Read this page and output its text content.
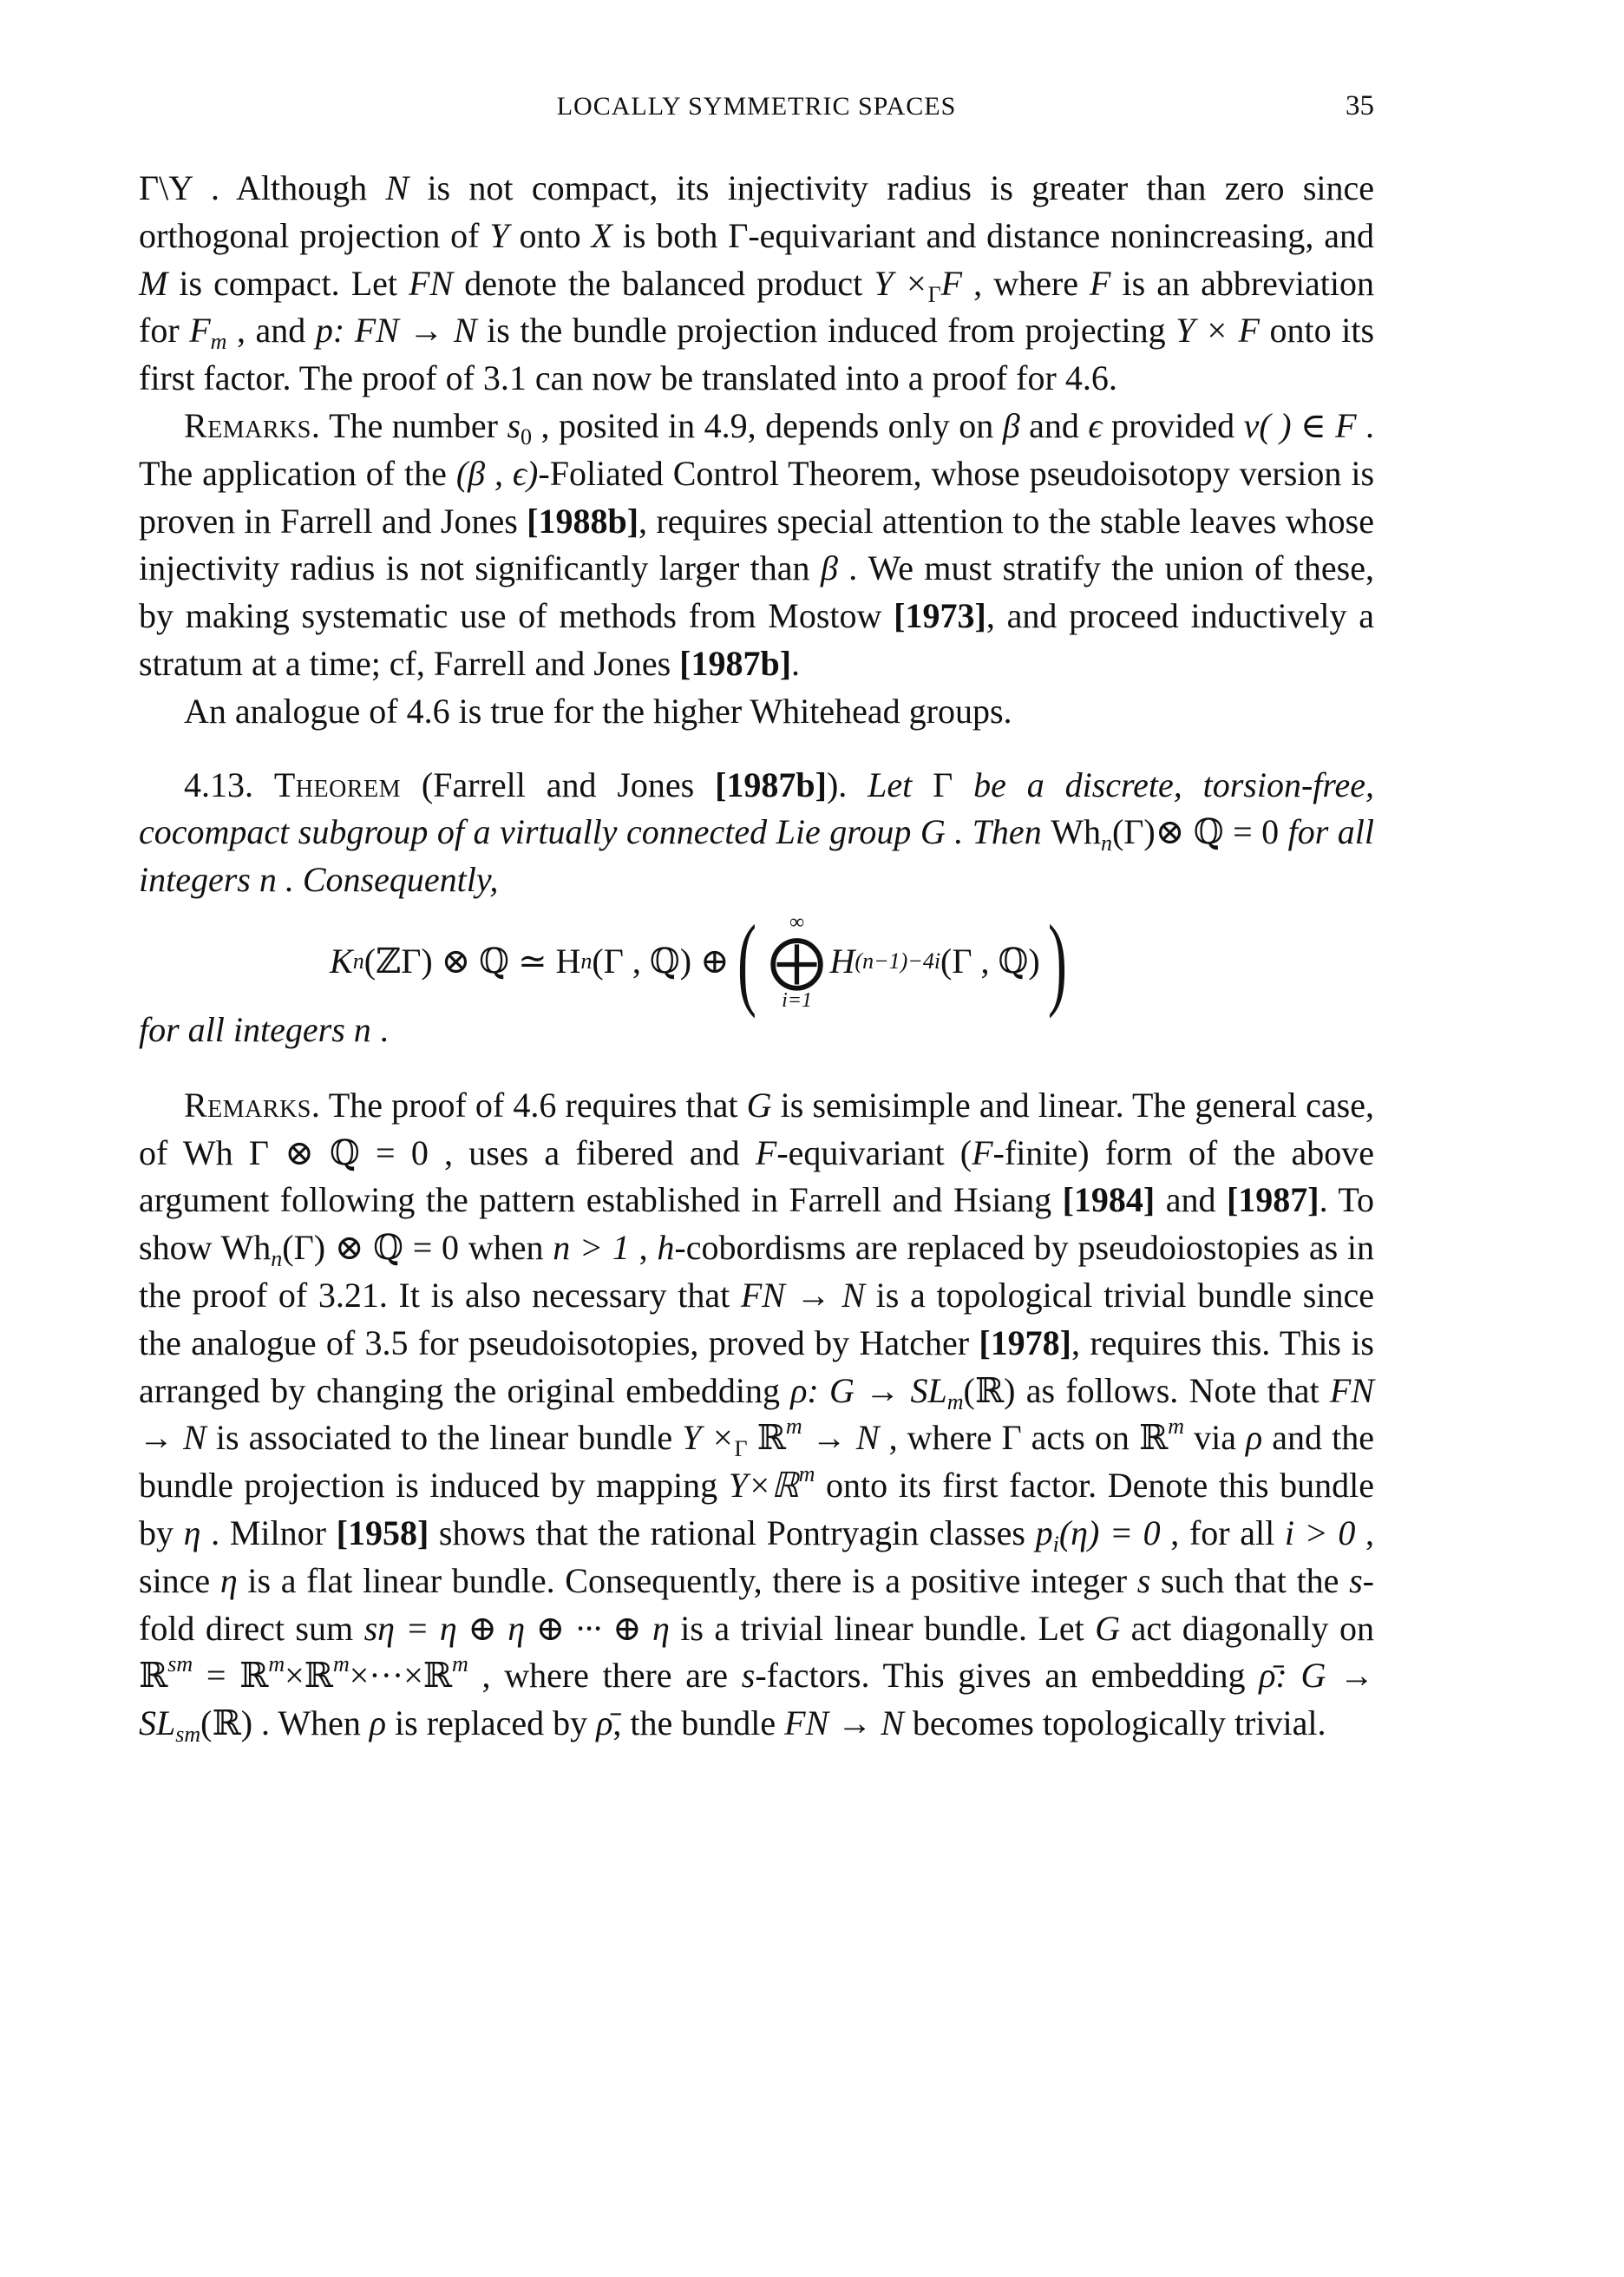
LOCALLY SYMMETRIC SPACES	35

Γ\Y . Although N is not compact, its injectivity radius is greater than zero since orthogonal projection of Y onto X is both Γ-equivariant and distance nonincreasing, and M is compact. Let FN denote the balanced product $Y \times_\Gamma F$ , where F is an abbreviation for $F_m$ , and p: FN → N is the bundle projection induced from projecting Y × F onto its first factor. The proof of 3.1 can now be translated into a proof for 4.6.

Remarks. The number $s_0$ , posited in 4.9, depends only on β and ϵ provided v( ) ∈ F . The application of the (β , ϵ)-Foliated Control Theorem, whose pseudoisotopy version is proven in Farrell and Jones [1988b], requires special attention to the stable leaves whose injectivity radius is not significantly larger than β . We must stratify the union of these, by making systematic use of methods from Mostow [1973], and proceed inductively a stratum at a time; cf, Farrell and Jones [1987b].

An analogue of 4.6 is true for the higher Whitehead groups.

4.13. Theorem (Farrell and Jones [1987b]). Let Γ be a discrete, torsion-free, cocompact subgroup of a virtually connected Lie group G . Then $Wh_n(\Gamma)\otimes$ ℚ = 0 for all integers n . Consequently,

K n (ℤΓ) ⊗ ℚ ≃ H n (Γ , ℚ) ⊕ ( ∞
⨁
i=1
H (n−1)−4i (Γ , ℚ) )

for all integers n .

Remarks. The proof of 4.6 requires that G is semisimple and linear. The general case, of Wh Γ ⊗ ℚ = 0 , uses a fibered and F-equivariant (F-finite) form of the above argument following the pattern established in Farrell and Hsiang [1984] and [1987]. To show $Wh_n(\Gamma)$ ⊗ ℚ = 0 when n > 1 , h-cobordisms are replaced by pseudoiostopies as in the proof of 3.21. It is also necessary that FN → N is a topological trivial bundle since the analogue of 3.5 for pseudoisotopies, proved by Hatcher [1978], requires this. This is arranged by changing the original embedding ρ: $G \to SL_m(ℝ)$ as follows. Note that FN → N is associated to the linear bundle $Y \times_\Gamma$ ℝ$^m$ → N , where Γ acts on ℝ$^m$ via ρ and the bundle projection is induced by mapping Y×ℝ$^m$ onto its first factor. Denote this bundle by η . Milnor [1958] shows that the rational Pontryagin classes $p_i(\eta) = 0$ , for all i > 0 , since η is a flat linear bundle. Consequently, there is a positive integer s such that the s-fold direct sum sη = η ⊕ η ⊕ ··· ⊕ η is a trivial linear bundle. Let G act diagonally on ℝ$^{sm}$ = ℝ$^m$×ℝ$^m$×···×ℝ$^m$ , where there are s-factors. This gives an embedding ρ̄: $G \to SL_{sm}(ℝ)$ . When ρ is replaced by ρ̄, the bundle FN → N becomes topologically trivial.
